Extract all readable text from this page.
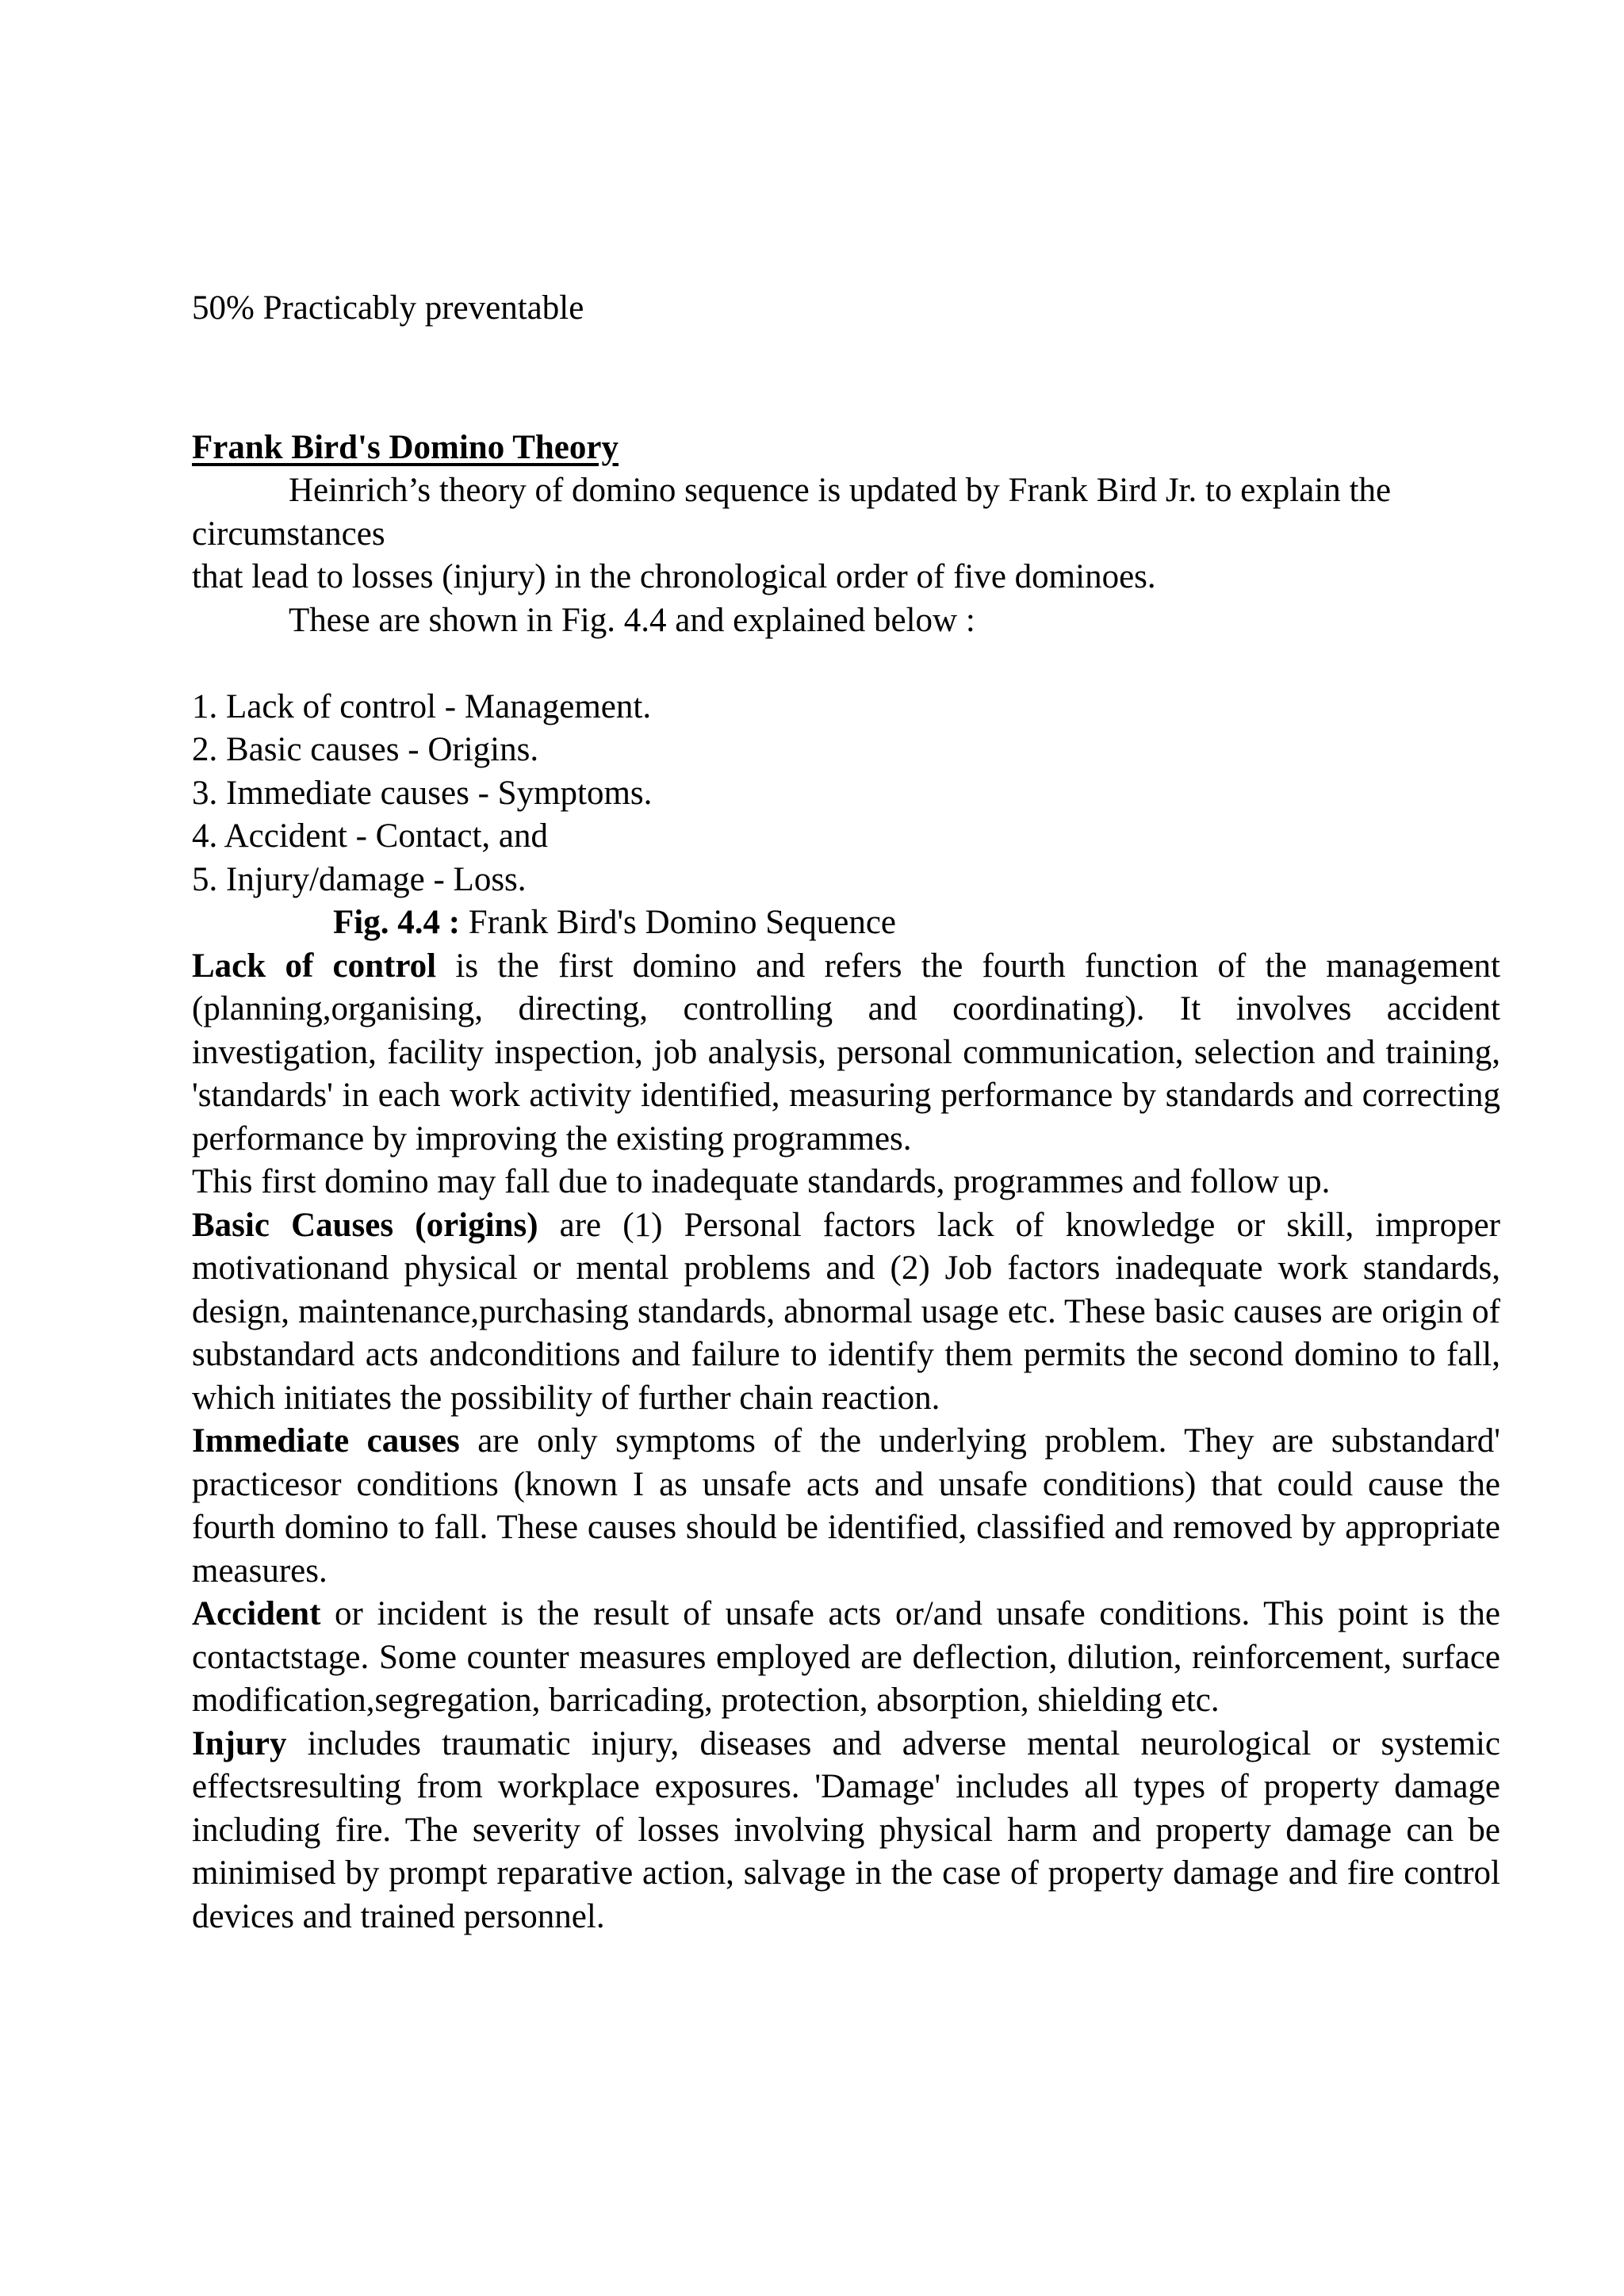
50% Practicably preventable
Frank Bird's Domino Theory
Heinrich’s theory of domino sequence is updated by Frank Bird Jr. to explain the
circumstances
that lead to losses (injury) in the chronological order of five dominoes.
These are shown in Fig. 4.4 and explained below :
1. Lack of control - Management.
2. Basic causes - Origins.
3. Immediate causes - Symptoms.
4. Accident - Contact, and
5. Injury/damage - Loss.
Fig. 4.4 : Frank Bird's Domino Sequence
Lack of control is the first domino and refers the fourth function of the management (planning,organising, directing, controlling and coordinating). It involves accident investigation, facility inspection, job analysis, personal communication, selection and training, 'standards' in each work activity identified, measuring performance by standards and correcting performance by improving the existing programmes.
This first domino may fall due to inadequate standards, programmes and follow up.
Basic Causes (origins) are (1) Personal factors lack of knowledge or skill, improper motivationand physical or mental problems and (2) Job factors inadequate work standards, design, maintenance,purchasing standards, abnormal usage etc. These basic causes are origin of substandard acts andconditions and failure to identify them permits the second domino to fall, which initiates the possibility of further chain reaction.
Immediate causes are only symptoms of the underlying problem. They are substandard' practicesor conditions (known I as unsafe acts and unsafe conditions) that could cause the fourth domino to fall. These causes should be identified, classified and removed by appropriate measures.
Accident or incident is the result of unsafe acts or/and unsafe conditions. This point is the contactstage. Some counter measures employed are deflection, dilution, reinforcement, surface modification,segregation, barricading, protection, absorption, shielding etc.
Injury includes traumatic injury, diseases and adverse mental neurological or systemic effectsresulting from workplace exposures. 'Damage' includes all types of property damage including fire. The severity of losses involving physical harm and property damage can be minimised by prompt reparative action, salvage in the case of property damage and fire control devices and trained personnel.
